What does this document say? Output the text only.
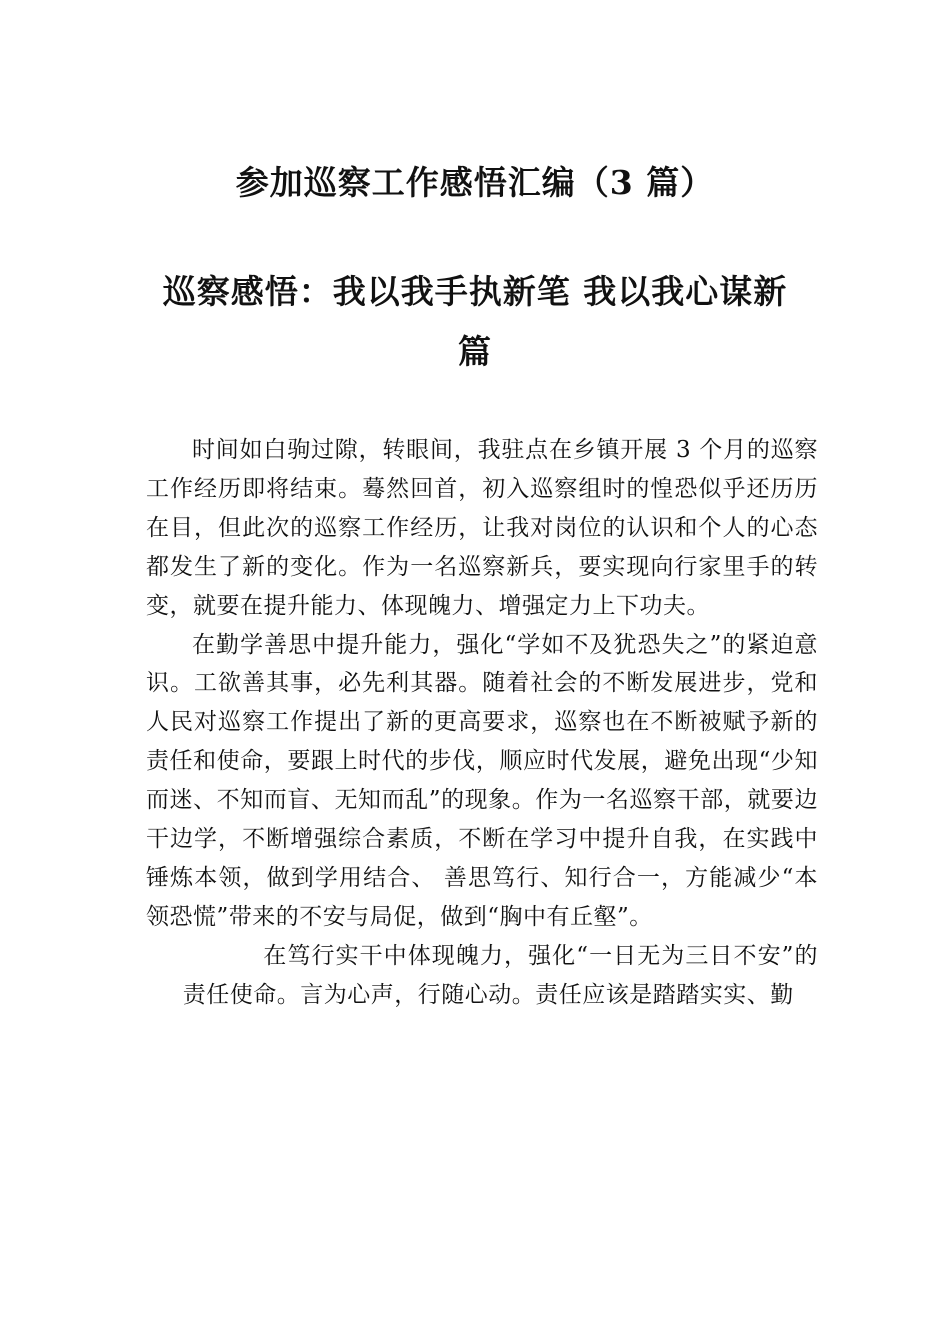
参加巡察工作感悟汇编（3 篇）
巡察感悟：我以我手执新笔 我以我心谋新
篇

时间如白驹过隙，转眼间，我驻点在乡镇开展 3 个月的巡察工作经历即将结束。蓦然回首，初入巡察组时的惶恐似乎还历历在目，但此次的巡察工作经历，让我对岗位的认识和个人的心态都发生了新的变化。作为一名巡察新兵，要实现向行家里手的转变，就要在提升能力、体现魄力、增强定力上下功夫。

在勤学善思中提升能力，强化“学如不及犹恐失之”的紧迫意识。工欲善其事，必先利其器。随着社会的不断发展进步，党和人民对巡察工作提出了新的更高要求，巡察也在不断被赋予新的责任和使命，要跟上时代的步伐，顺应时代发展，避免出现“少知而迷、不知而盲、无知而乱”的现象。作为一名巡察干部，就要边干边学，不断增强综合素质，不断在学习中提升自我，在实践中锤炼本领，做到学用结合、 善思笃行、知行合一，方能减少“本领恐慌”带来的不安与局促，做到“胸中有丘壑”。

在笃行实干中体现魄力，强化“一日无为三日不安”的责任使命。言为心声，行随心动。责任应该是踏踏实实、勤
